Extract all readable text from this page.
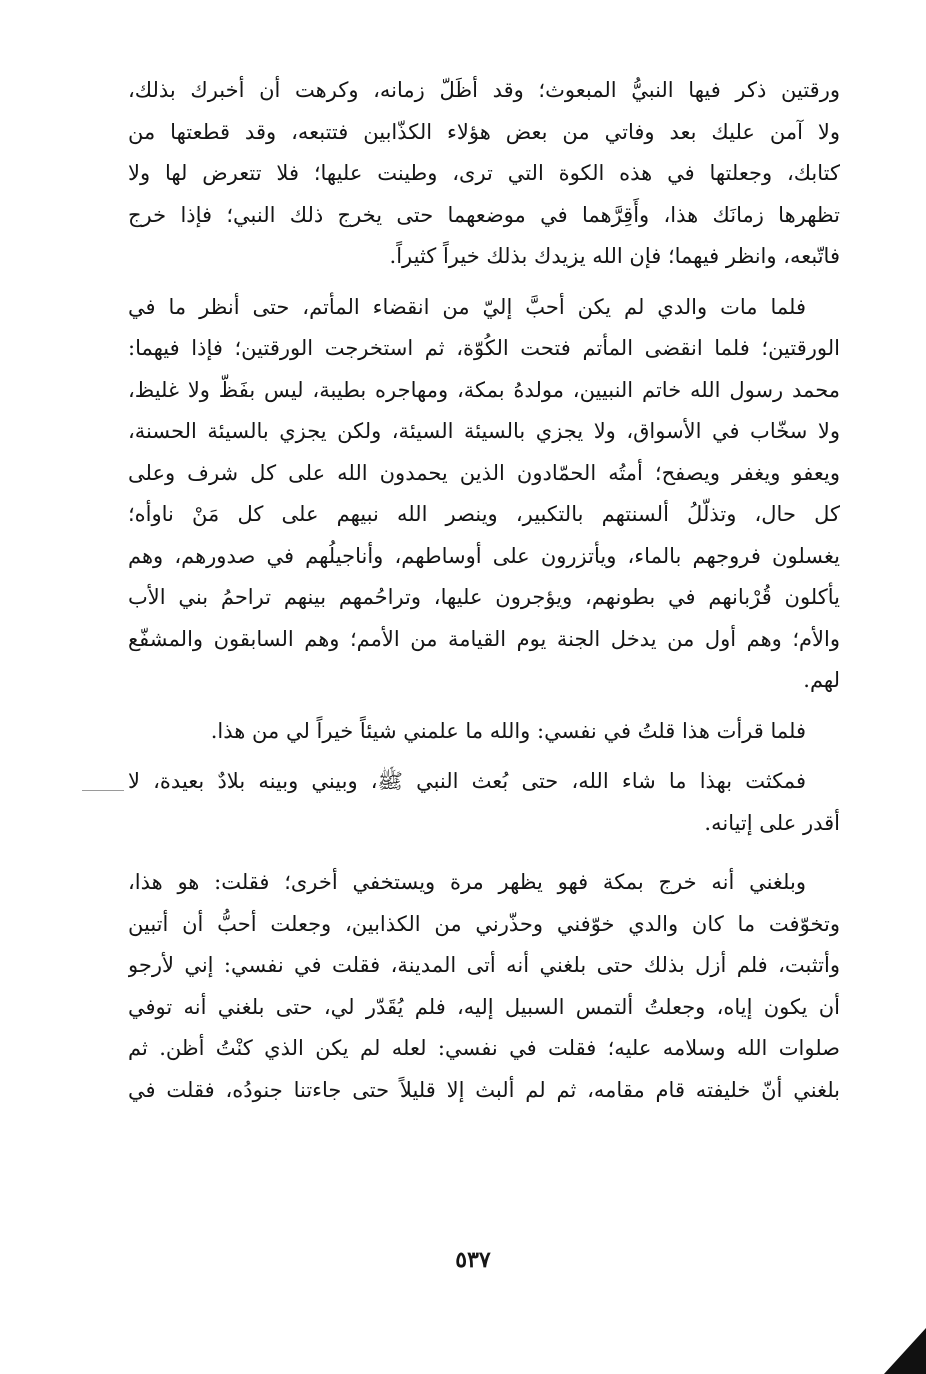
ورقتين ذكر فيها النبيُّ المبعوث؛ وقد أظَلّ زمانه، وكرهت أن أخبرك بذلك،
ولا آمن عليك بعد وفاتي من بعض هؤلاء الكذّابين فتتبعه، وقد قطعتها من
كتابك، وجعلتها في هذه الكوة التي ترى، وطينت عليها؛ فلا تتعرض لها ولا
تظهرها زمانَك هذا، وأَقِرَّهما في موضعهما حتى يخرج ذلك النبي؛ فإذا خرج
فاتّبعه، وانظر فيهما؛ فإن الله يزيدك بذلك خيراً كثيراً.
فلما مات والدي لم يكن أحبَّ إليّ من انقضاء المأتم، حتى أنظر ما في
الورقتين؛ فلما انقضى المأتم فتحت الكُوّة، ثم استخرجت الورقتين؛ فإذا فيهما:
محمد رسول الله خاتم النبيين، مولدهُ بمكة، ومهاجره بطيبة، ليس بفَظّ ولا غليظ،
ولا سخّاب في الأسواق، ولا يجزي بالسيئة السيئة، ولكن يجزي بالسيئة الحسنة،
ويعفو ويغفر ويصفح؛ أمتُه الحمّادون الذين يحمدون الله على كل شرف وعلى
كل حال، وتذلّلُ ألسنتهم بالتكبير، وينصر الله نبيهم على كل مَنْ ناوأه؛
يغسلون فروجهم بالماء، ويأتزرون على أوساطهم، وأناجيلُهم في صدورهم، وهم
يأكلون قُرْبانهم في بطونهم، ويؤجرون عليها، وتراحُمهم بينهم تراحمُ بني الأب
والأم؛ وهم أول من يدخل الجنة يوم القيامة من الأمم؛ وهم السابقون والمشفّع
لهم.
فلما قرأت هذا قلتُ في نفسي: والله ما علمني شيئاً خيراً لي من هذا.
فمكثت بهذا ما شاء الله، حتى بُعث النبي ﷺ، وبيني وبينه بلادٌ بعيدة، لا
أقدر على إتيانه.
وبلغني أنه خرج بمكة فهو يظهر مرة ويستخفي أخرى؛ فقلت: هو هذا،
وتخوّفت ما كان والدي خوّفني وحذّرني من الكذابين، وجعلت أحبُّ أن أتبين
وأتثبت، فلم أزل بذلك حتى بلغني أنه أتى المدينة، فقلت في نفسي: إني لأرجو
أن يكون إياه، وجعلتُ ألتمس السبيل إليه، فلم يُقَدّر لي، حتى بلغني أنه توفي
صلوات الله وسلامه عليه؛ فقلت في نفسي: لعله لم يكن الذي كنْتُ أظن. ثم
بلغني أنّ خليفته قام مقامه، ثم لم ألبث إلا قليلاً حتى جاءتنا جنودُه، فقلت في
٥٣٧
